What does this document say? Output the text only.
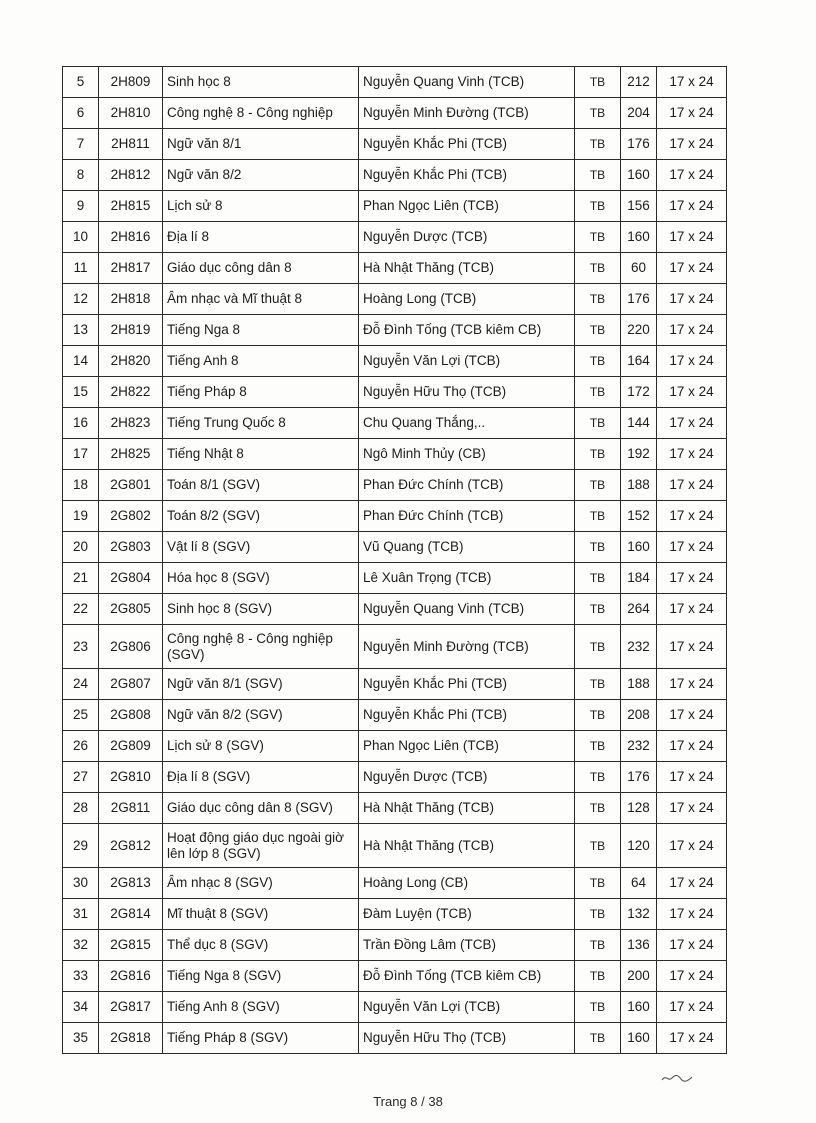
5	2H809	Sinh học 8	Nguyễn Quang Vinh (TCB)	TB	212	17 x 24
6	2H810	Công nghệ 8 - Công nghiệp	Nguyễn Minh Đường (TCB)	TB	204	17 x 24
7	2H811	Ngữ văn 8/1	Nguyễn Khắc Phi (TCB)	TB	176	17 x 24
8	2H812	Ngữ văn 8/2	Nguyễn Khắc Phi (TCB)	TB	160	17 x 24
9	2H815	Lịch sử 8	Phan Ngọc Liên (TCB)	TB	156	17 x 24
10	2H816	Địa lí 8	Nguyễn Dược (TCB)	TB	160	17 x 24
11	2H817	Giáo dục công dân 8	Hà Nhật Thăng (TCB)	TB	60	17 x 24
12	2H818	Âm nhạc và Mĩ thuật 8	Hoàng Long (TCB)	TB	176	17 x 24
13	2H819	Tiếng Nga 8	Đỗ Đình Tống (TCB kiêm CB)	TB	220	17 x 24
14	2H820	Tiếng Anh 8	Nguyễn Văn Lợi (TCB)	TB	164	17 x 24
15	2H822	Tiếng Pháp 8	Nguyễn Hữu Thọ (TCB)	TB	172	17 x 24
16	2H823	Tiếng Trung Quốc 8	Chu Quang Thắng,..	TB	144	17 x 24
17	2H825	Tiếng Nhật 8	Ngô Minh Thủy (CB)	TB	192	17 x 24
18	2G801	Toán 8/1 (SGV)	Phan Đức Chính (TCB)	TB	188	17 x 24
19	2G802	Toán 8/2 (SGV)	Phan Đức Chính (TCB)	TB	152	17 x 24
20	2G803	Vật lí 8 (SGV)	Vũ Quang (TCB)	TB	160	17 x 24
21	2G804	Hóa học 8 (SGV)	Lê Xuân Trọng (TCB)	TB	184	17 x 24
22	2G805	Sinh học 8 (SGV)	Nguyễn Quang Vinh (TCB)	TB	264	17 x 24
23	2G806	Công nghệ 8 - Công nghiệp (SGV)	Nguyễn Minh Đường (TCB)	TB	232	17 x 24
24	2G807	Ngữ văn 8/1 (SGV)	Nguyễn Khắc Phi (TCB)	TB	188	17 x 24
25	2G808	Ngữ văn 8/2 (SGV)	Nguyễn Khắc Phi (TCB)	TB	208	17 x 24
26	2G809	Lịch sử 8 (SGV)	Phan Ngọc Liên (TCB)	TB	232	17 x 24
27	2G810	Địa lí 8 (SGV)	Nguyễn Dược (TCB)	TB	176	17 x 24
28	2G811	Giáo dục công dân 8 (SGV)	Hà Nhật Thăng (TCB)	TB	128	17 x 24
29	2G812	Hoạt động giáo dục ngoài giờ lên lớp 8 (SGV)	Hà Nhật Thăng (TCB)	TB	120	17 x 24
30	2G813	Âm nhạc 8 (SGV)	Hoàng Long (CB)	TB	64	17 x 24
31	2G814	Mĩ thuật 8 (SGV)	Đàm Luyện (TCB)	TB	132	17 x 24
32	2G815	Thể dục 8 (SGV)	Trần Đồng Lâm (TCB)	TB	136	17 x 24
33	2G816	Tiếng Nga 8 (SGV)	Đỗ Đình Tống (TCB kiêm CB)	TB	200	17 x 24
34	2G817	Tiếng Anh 8 (SGV)	Nguyễn Văn Lợi (TCB)	TB	160	17 x 24
35	2G818	Tiếng Pháp 8 (SGV)	Nguyễn Hữu Thọ (TCB)	TB	160	17 x 24
Trang 8 / 38
